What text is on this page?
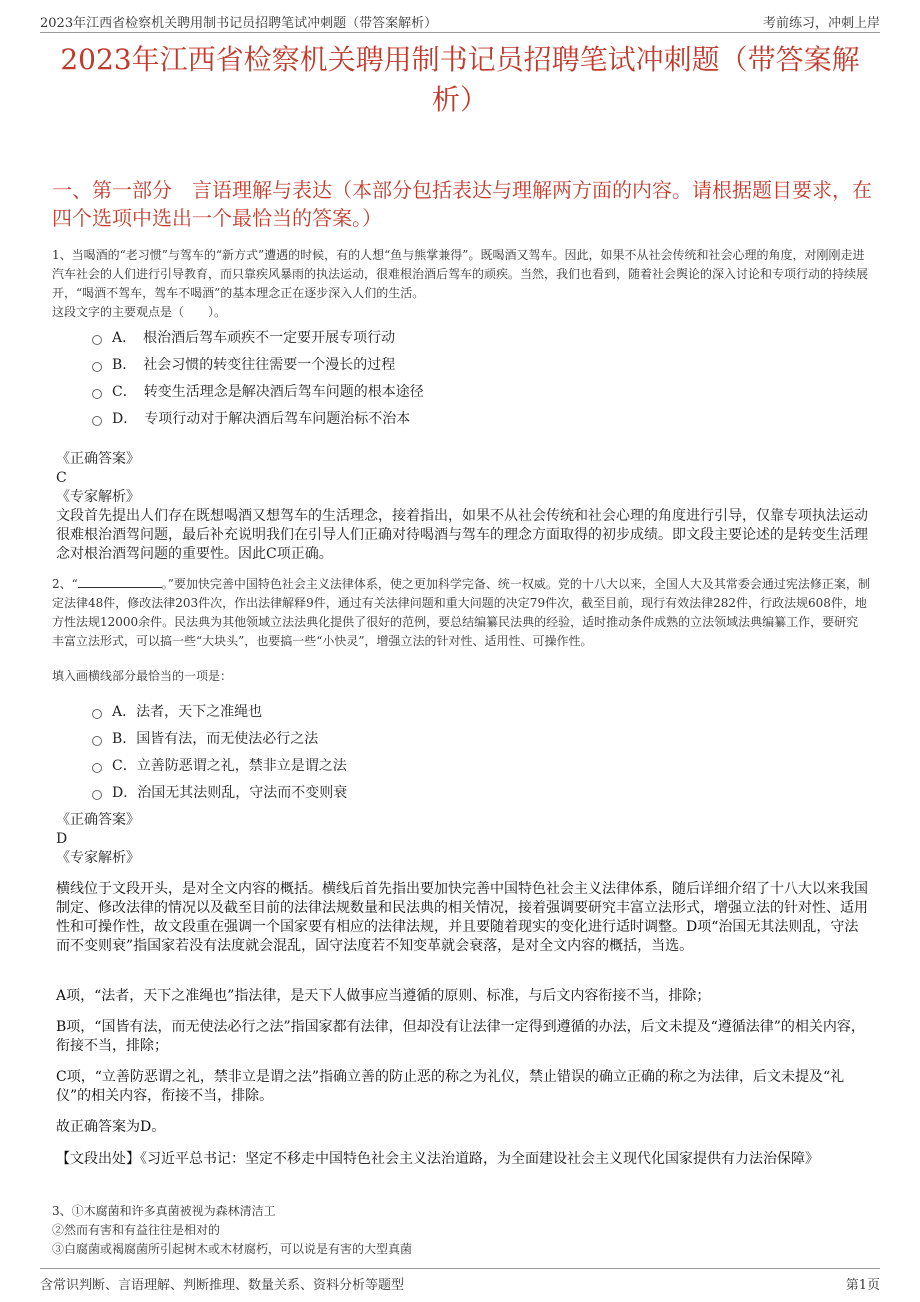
2023年江西省检察机关聘用制书记员招聘笔试冲刺题（带答案解析）	考前练习，冲刺上岸
2023年江西省检察机关聘用制书记员招聘笔试冲刺题（带答案解析）
一、第一部分　言语理解与表达（本部分包括表达与理解两方面的内容。请根据题目要求，在四个选项中选出一个最恰当的答案。）
1、当喝酒的“老习惯”与驾车的“新方式”遭遇的时候，有的人想“鱼与熊掌兼得”。既喝酒又驾车。因此，如果不从社会传统和社会心理的角度，对刚刚走进汽车社会的人们进行引导教育，而只靠疾风暴雨的执法运动，很难根治酒后驾车的顽疾。当然，我们也看到，随着社会舆论的深入讨论和专项行动的持续展开，“喝酒不驾车，驾车不喝酒”的基本理念正在逐步深入人们的生活。
这段文字的主要观点是（　　）。
A．　根治酒后驾车顽疾不一定要开展专项行动
B．　社会习惯的转变往往需要一个漫长的过程
C．　转变生活理念是解决酒后驾车问题的根本途径
D．　专项行动对于解决酒后驾车问题治标不治本
《正确答案》
C
《专家解析》
文段首先提出人们存在既想喝酒又想驾车的生活理念，接着指出，如果不从社会传统和社会心理的角度进行引导，仅靠专项执法运动很难根治酒驾问题，最后补充说明我们在引导人们正确对待喝酒与驾车的理念方面取得的初步成绩。即文段主要论述的是转变生活理念对根治酒驾问题的重要性。因此C项正确。
2、“	。”要加快完善中国特色社会主义法律体系，使之更加科学完备、统一权威。党的十八大以来，全国人大及其常委会通过宪法修正案，制定法律48件，修改法律203件次，作出法律解释9件，通过有关法律问题和重大问题的决定79件次，截至目前，现行有效法律282件，行政法规608件，地方性法规12000余件。民法典为其他领域立法法典化提供了很好的范例，要总结编纂民法典的经验，适时推动条件成熟的立法领域法典编纂工作，要研究丰富立法形式，可以搞一些“大块头”，也要搞一些“小快灵”，增强立法的针对性、适用性、可操作性。
填入画横线部分最恰当的一项是：
A．法者，天下之准绳也
B．国皆有法，而无使法必行之法
C．立善防恶谓之礼，禁非立是谓之法
D．治国无其法则乱，守法而不变则衰
《正确答案》
D
《专家解析》
横线位于文段开头，是对全文内容的概括。横线后首先指出要加快完善中国特色社会主义法律体系，随后详细介绍了十八大以来我国制定、修改法律的情况以及截至目前的法律法规数量和民法典的相关情况，接着强调要研究丰富立法形式，增强立法的针对性、适用性和可操作性，故文段重在强调一个国家要有相应的法律法规，并且要随着现实的变化进行适时调整。D项“治国无其法则乱，守法而不变则衰”指国家若没有法度就会混乱，固守法度若不知变革就会衰落，是对全文内容的概括，当选。
A项，“法者，天下之准绳也”指法律，是天下人做事应当遵循的原则、标准，与后文内容衔接不当，排除；
B项，“国皆有法，而无使法必行之法”指国家都有法律，但却没有让法律一定得到遵循的办法，后文未提及“遵循法律”的相关内容，衔接不当，排除；
C项，“立善防恶谓之礼，禁非立是谓之法”指确立善的防止恶的称之为礼仪，禁止错误的确立正确的称之为法律，后文未提及“礼仪”的相关内容，衔接不当，排除。
故正确答案为D。
【文段出处】《习近平总书记：坚定不移走中国特色社会主义法治道路，为全面建设社会主义现代化国家提供有力法治保障》
3、①木腐菌和许多真菌被视为森林清洁工
②然而有害和有益往往是相对的
③白腐菌或褐腐菌所引起树木或木材腐朽，可以说是有害的大型真菌
含常识判断、言语理解、判断推理、数量关系、资料分析等题型	第1页
